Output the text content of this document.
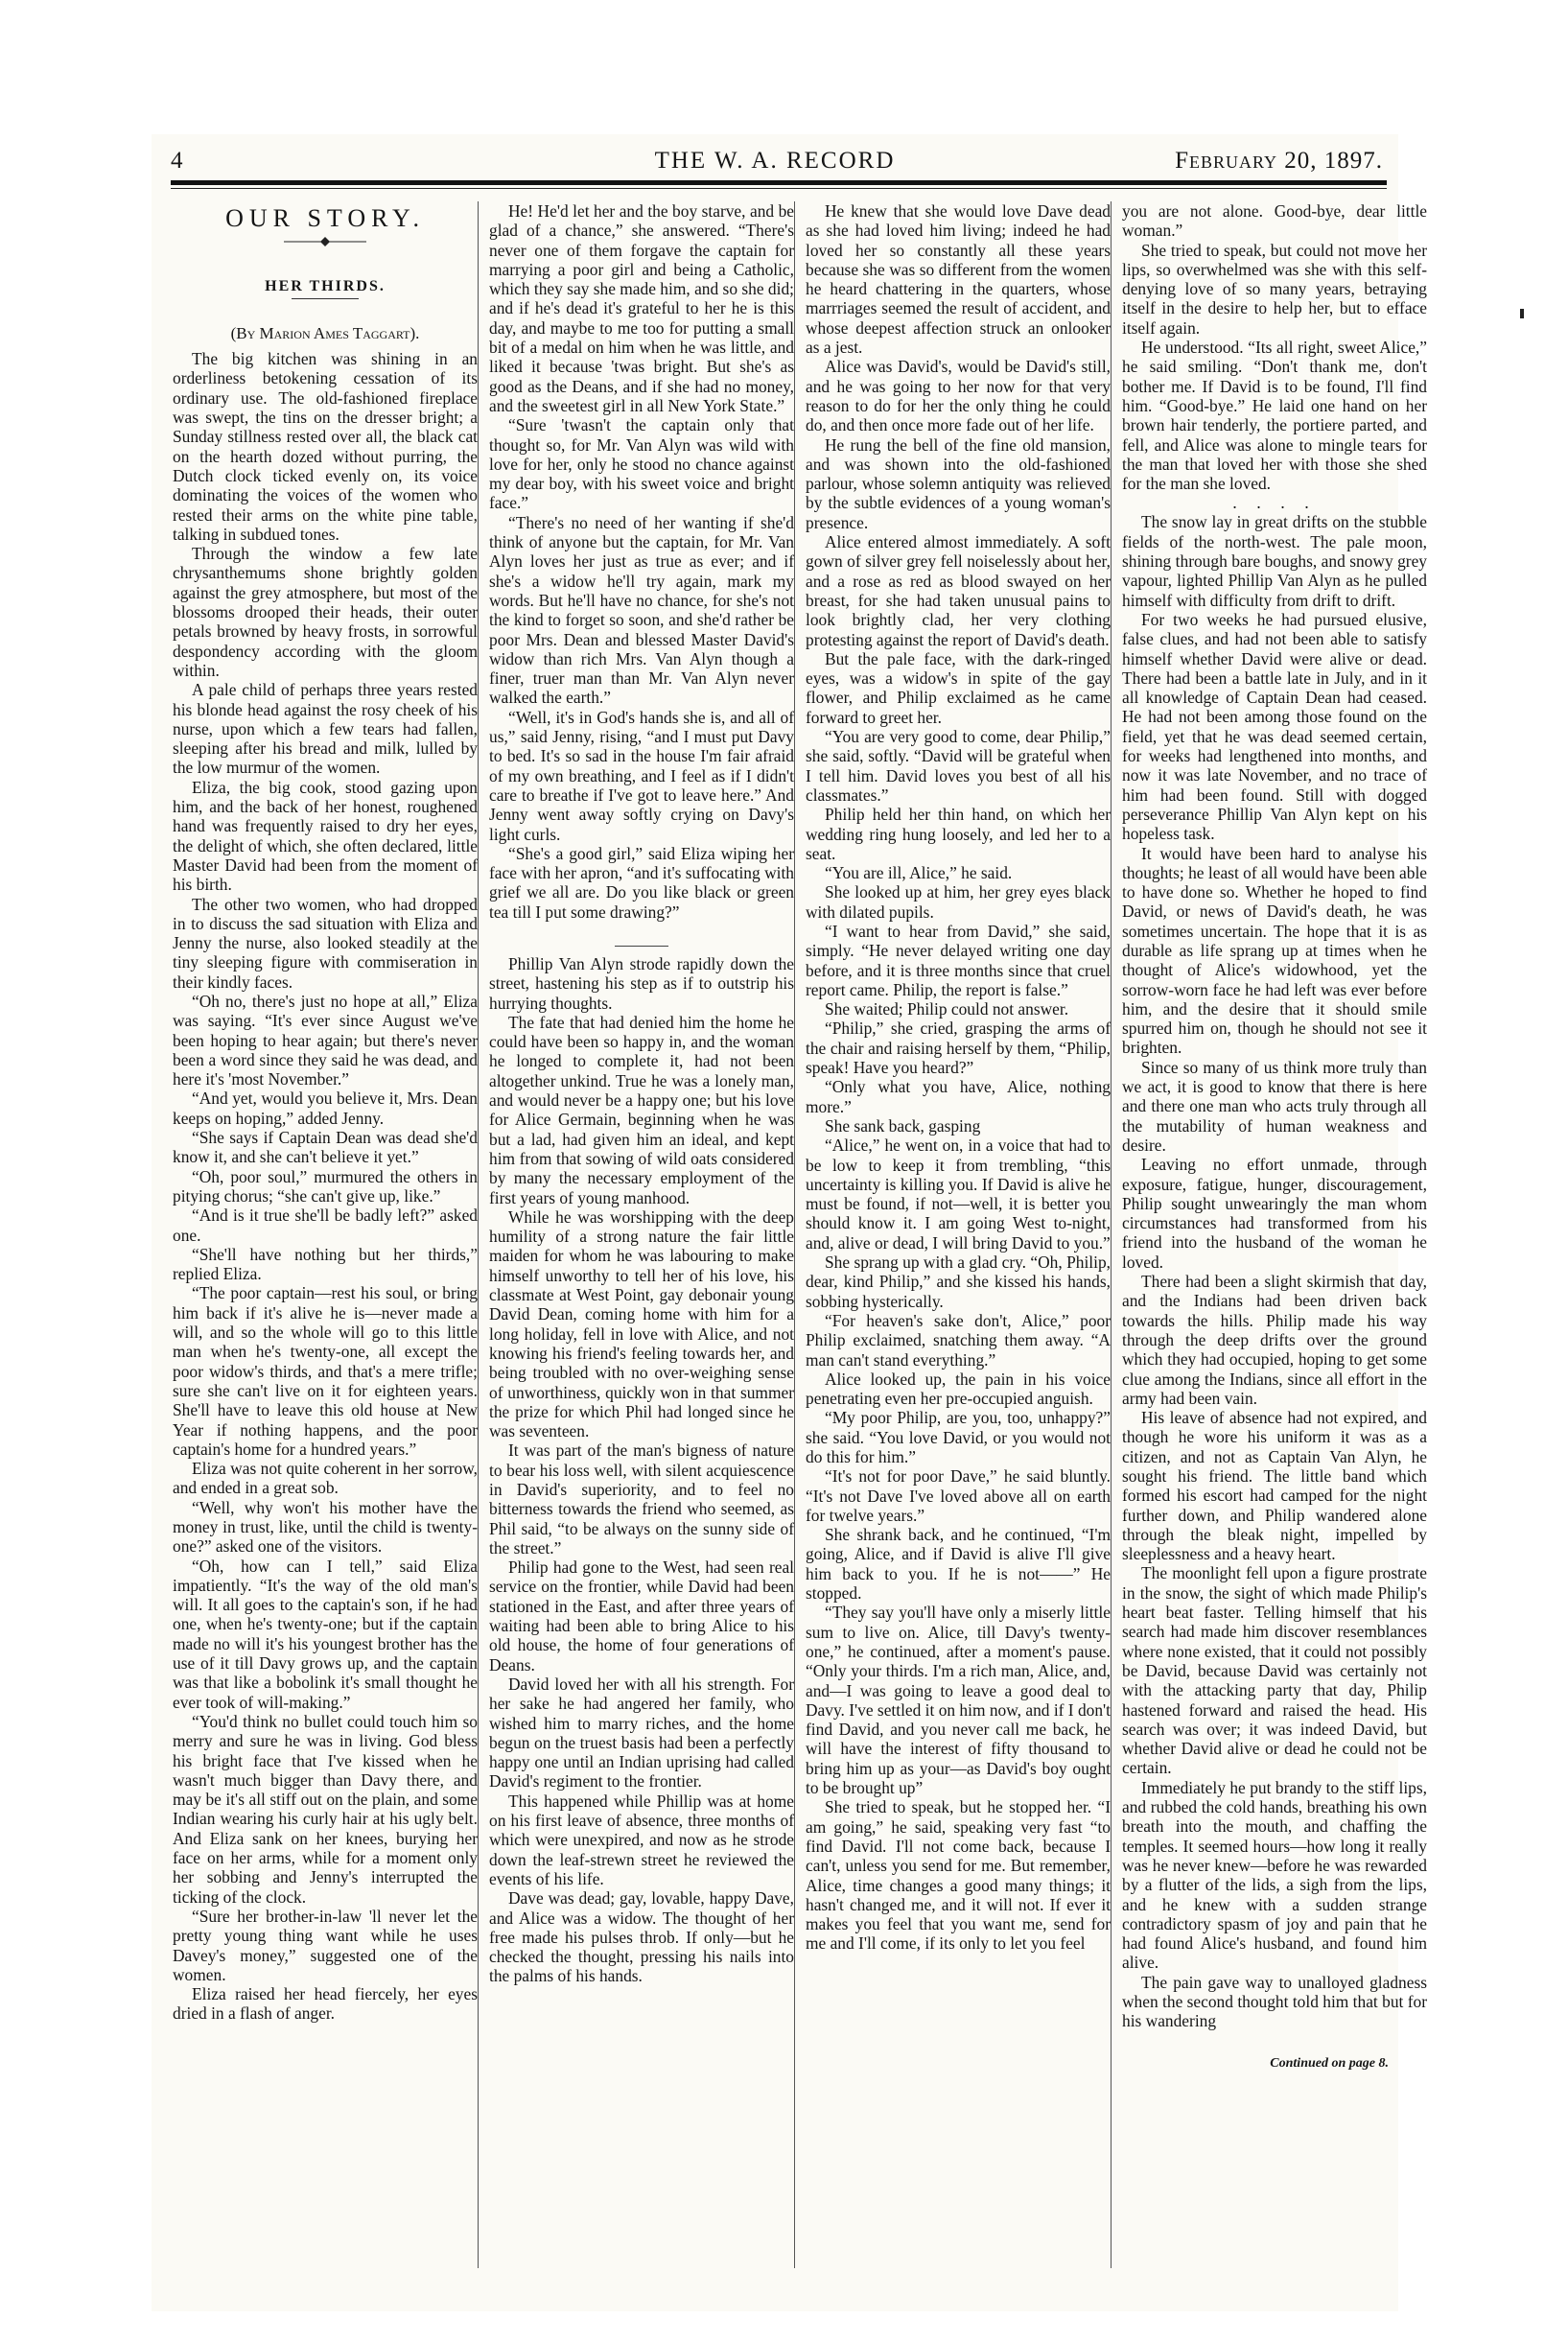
4	THE W. A. RECORD	February 20, 1897.
OUR STORY.
HER THIRDS.
(By Marion Ames Taggart).

The big kitchen was shining in an orderliness betokening cessation of its ordinary use. The old-fashioned fireplace was swept, the tins on the dresser bright; a Sunday stillness rested over all, the black cat on the hearth dozed without purring, the Dutch clock ticked evenly on, its voice dominating the voices of the women who rested their arms on the white pine table, talking in subdued tones.

Through the window a few late chrysanthemums shone brightly golden against the grey atmosphere, but most of the blossoms drooped their heads, their outer petals browned by heavy frosts, in sorrowful despondency according with the gloom within.

A pale child of perhaps three years rested his blonde head against the rosy cheek of his nurse, upon which a few tears had fallen, sleeping after his bread and milk, lulled by the low murmur of the women.

Eliza, the big cook, stood gazing upon him, and the back of her honest, roughened hand was frequently raised to dry her eyes, the delight of which, she often declared, little Master David had been from the moment of his birth.

The other two women, who had dropped in to discuss the sad situation with Eliza and Jenny the nurse, also looked steadily at the tiny sleeping figure with commiseration in their kindly faces.

“Oh no, there's just no hope at all,” Eliza was saying. “It's ever since August we've been hoping to hear again; but there's never been a word since they said he was dead, and here it's 'most November.”

“And yet, would you believe it, Mrs. Dean keeps on hoping,” added Jenny.

“She says if Captain Dean was dead she'd know it, and she can't believe it yet.”

“Oh, poor soul,” murmured the others in pitying chorus; “she can't give up, like.”

“And is it true she'll be badly left?” asked one.

“She'll have nothing but her thirds,” replied Eliza.

“The poor captain—rest his soul, or bring him back if it's alive he is—never made a will, and so the whole will go to this little man when he's twenty-one, all except the poor widow's thirds, and that's a mere trifle; sure she can't live on it for eighteen years. She'll have to leave this old house at New Year if nothing happens, and the poor captain's home for a hundred years.”

Eliza was not quite coherent in her sorrow, and ended in a great sob.

“Well, why won't his mother have the money in trust, like, until the child is twenty-one?” asked one of the visitors.

“Oh, how can I tell,” said Eliza impatiently. “It's the way of the old man's will. It all goes to the captain's son, if he had one, when he's twenty-one; but if the captain made no will it's his youngest brother has the use of it till Davy grows up, and the captain was that like a bobolink it's small thought he ever took of will-making.”

“You'd think no bullet could touch him so merry and sure he was in living. God bless his bright face that I've kissed when he wasn't much bigger than Davy there, and may be it's all stiff out on the plain, and some Indian wearing his curly hair at his ugly belt. And Eliza sank on her knees, burying her face on her arms, while for a moment only her sobbing and Jenny's interrupted the ticking of the clock.

“Sure her brother-in-law 'll never let the pretty young thing want while he uses Davey's money,” suggested one of the women.

Eliza raised her head fiercely, her eyes dried in a flash of anger.

He! He'd let her and the boy starve, and be glad of a chance,” she answered. “There's never one of them forgave the captain for marrying a poor girl and being a Catholic, which they say she made him, and so she did; and if he's dead it's grateful to her he is this day, and maybe to me too for putting a small bit of a medal on him when he was little, and liked it because 'twas bright. But she's as good as the Deans, and if she had no money, and the sweetest girl in all New York State.”

“Sure 'twasn't the captain only that thought so, for Mr. Van Alyn was wild with love for her, only he stood no chance against my dear boy, with his sweet voice and bright face.”

“There's no need of her wanting if she'd think of anyone but the captain, for Mr. Van Alyn loves her just as true as ever; and if she's a widow he'll try again, mark my words. But he'll have no chance, for she's not the kind to forget so soon, and she'd rather be poor Mrs. Dean and blessed Master David's widow than rich Mrs. Van Alyn though a finer, truer man than Mr. Van Alyn never walked the earth.”

“Well, it's in God's hands she is, and all of us,” said Jenny, rising, “and I must put Davy to bed. It's so sad in the house I'm fair afraid of my own breathing, and I feel as if I didn't care to breathe if I've got to leave here.” And Jenny went away softly crying on Davy's light curls.

“She's a good girl,” said Eliza wiping her face with her apron, “and it's suffocating with grief we all are. Do you like black or green tea till I put some drawing?”

Phillip Van Alyn strode rapidly down the street, hastening his step as if to outstrip his hurrying thoughts.

The fate that had denied him the home he could have been so happy in, and the woman he longed to complete it, had not been altogether unkind. True he was a lonely man, and would never be a happy one; but his love for Alice Germain, beginning when he was but a lad, had given him an ideal, and kept him from that sowing of wild oats considered by many the necessary employment of the first years of young manhood.

While he was worshipping with the deep humility of a strong nature the fair little maiden for whom he was labouring to make himself unworthy to tell her of his love, his classmate at West Point, gay debonair young David Dean, coming home with him for a long holiday, fell in love with Alice, and not knowing his friend's feeling towards her, and being troubled with no over-weighing sense of unworthiness, quickly won in that summer the prize for which Phil had longed since he was seventeen.

It was part of the man's bigness of nature to bear his loss well, with silent acquiescence in David's superiority, and to feel no bitterness towards the friend who seemed, as Phil said, “to be always on the sunny side of the street.”

Philip had gone to the West, had seen real service on the frontier, while David had been stationed in the East, and after three years of waiting had been able to bring Alice to his old house, the home of four generations of Deans.

David loved her with all his strength. For her sake he had angered her family, who wished him to marry riches, and the home begun on the truest basis had been a perfectly happy one until an Indian uprising had called David's regiment to the frontier.

This happened while Phillip was at home on his first leave of absence, three months of which were unexpired, and now as he strode down the leaf-strewn street he reviewed the events of his life.

Dave was dead; gay, lovable, happy Dave, and Alice was a widow. The thought of her free made his pulses throb. If only—but he checked the thought, pressing his nails into the palms of his hands.

He knew that she would love Dave dead as she had loved him living; indeed he had loved her so constantly all these years because she was so different from the women he heard chattering in the quarters, whose marrriages seemed the result of accident, and whose deepest affection struck an onlooker as a jest.

Alice was David's, would be David's still, and he was going to her now for that very reason to do for her the only thing he could do, and then once more fade out of her life.

He rung the bell of the fine old mansion, and was shown into the old-fashioned parlour, whose solemn antiquity was relieved by the subtle evidences of a young woman's presence.

Alice entered almost immediately. A soft gown of silver grey fell noiselessly about her, and a rose as red as blood swayed on her breast, for she had taken unusual pains to look brightly clad, her very clothing protesting against the report of David's death.

But the pale face, with the dark-ringed eyes, was a widow's in spite of the gay flower, and Philip exclaimed as he came forward to greet her.

“You are very good to come, dear Philip,” she said, softly. “David will be grateful when I tell him. David loves you best of all his classmates.”

Philip held her thin hand, on which her wedding ring hung loosely, and led her to a seat.

“You are ill, Alice,” he said.

She looked up at him, her grey eyes black with dilated pupils.

“I want to hear from David,” she said, simply. “He never delayed writing one day before, and it is three months since that cruel report came. Philip, the report is false.”

She waited; Philip could not answer.

“Philip,” she cried, grasping the arms of the chair and raising herself by them, “Philip, speak! Have you heard?”

“Only what you have, Alice, nothing more.”

She sank back, gasping

“Alice,” he went on, in a voice that had to be low to keep it from trembling, “this uncertainty is killing you. If David is alive he must be found, if not—well, it is better you should know it. I am going West to-night, and, alive or dead, I will bring David to you.”

She sprang up with a glad cry. “Oh, Philip, dear, kind Philip,” and she kissed his hands, sobbing hysterically.

“For heaven's sake don't, Alice,” poor Philip exclaimed, snatching them away. “A man can't stand everything.”

Alice looked up, the pain in his voice penetrating even her pre-occupied anguish.

“My poor Philip, are you, too, unhappy?” she said. “You love David, or you would not do this for him.”

“It's not for poor Dave,” he said bluntly. “It's not Dave I've loved above all on earth for twelve years.”

She shrank back, and he continued, “I'm going, Alice, and if David is alive I'll give him back to you. If he is not——” He stopped.

“They say you'll have only a miserly little sum to live on. Alice, till Davy's twenty-one,” he continued, after a moment's pause. “Only your thirds. I'm a rich man, Alice, and, and—I was going to leave a good deal to Davy. I've settled it on him now, and if I don't find David, and you never call me back, he will have the interest of fifty thousand to bring him up as your—as David's boy ought to be brought up”

She tried to speak, but he stopped her. “I am going,” he said, speaking very fast “to find David. I'll not come back, because I can't, unless you send for me. But remember, Alice, time changes a good many things; it hasn't changed me, and it will not. If ever it makes you feel that you want me, send for me and I'll come, if its only to let you feel

you are not alone. Good-bye, dear little woman.”

She tried to speak, but could not move her lips, so overwhelmed was she with this self-denying love of so many years, betraying itself in the desire to help her, but to efface itself again.

He understood. “Its all right, sweet Alice,” he said smiling. “Don't thank me, don't bother me. If David is to be found, I'll find him. “Good-bye.” He laid one hand on her brown hair tenderly, the portiere parted, and fell, and Alice was alone to mingle tears for the man that loved her with those she shed for the man she loved.

. . . .

The snow lay in great drifts on the stubble fields of the north-west. The pale moon, shining through bare boughs, and snowy grey vapour, lighted Phillip Van Alyn as he pulled himself with difficulty from drift to drift.

For two weeks he had pursued elusive, false clues, and had not been able to satisfy himself whether David were alive or dead. There had been a battle late in July, and in it all knowledge of Captain Dean had ceased. He had not been among those found on the field, yet that he was dead seemed certain, for weeks had lengthened into months, and now it was late November, and no trace of him had been found. Still with dogged perseverance Phillip Van Alyn kept on his hopeless task.

It would have been hard to analyse his thoughts; he least of all would have been able to have done so. Whether he hoped to find David, or news of David's death, he was sometimes uncertain. The hope that it is as durable as life sprang up at times when he thought of Alice's widowhood, yet the sorrow-worn face he had left was ever before him, and the desire that it should smile spurred him on, though he should not see it brighten.

Since so many of us think more truly than we act, it is good to know that there is here and there one man who acts truly through all the mutability of human weakness and desire.

Leaving no effort unmade, through exposure, fatigue, hunger, discouragement, Philip sought unwearingly the man whom circumstances had transformed from his friend into the husband of the woman he loved.

There had been a slight skirmish that day, and the Indians had been driven back towards the hills. Philip made his way through the deep drifts over the ground which they had occupied, hoping to get some clue among the Indians, since all effort in the army had been vain.

His leave of absence had not expired, and though he wore his uniform it was as a citizen, and not as Captain Van Alyn, he sought his friend. The little band which formed his escort had camped for the night further down, and Philip wandered alone through the bleak night, impelled by sleeplessness and a heavy heart.

The moonlight fell upon a figure prostrate in the snow, the sight of which made Philip's heart beat faster. Telling himself that his search had made him discover resemblances where none existed, that it could not possibly be David, because David was certainly not with the attacking party that day, Philip hastened forward and raised the head. His search was over; it was indeed David, but whether David alive or dead he could not be certain.

Immediately he put brandy to the stiff lips, and rubbed the cold hands, breathing his own breath into the mouth, and chaffing the temples. It seemed hours—how long it really was he never knew—before he was rewarded by a flutter of the lids, a sigh from the lips, and he knew with a sudden strange contradictory spasm of joy and pain that he had found Alice's husband, and found him alive.

The pain gave way to unalloyed gladness when the second thought told him that but for his wandering

Continued on page 8.
